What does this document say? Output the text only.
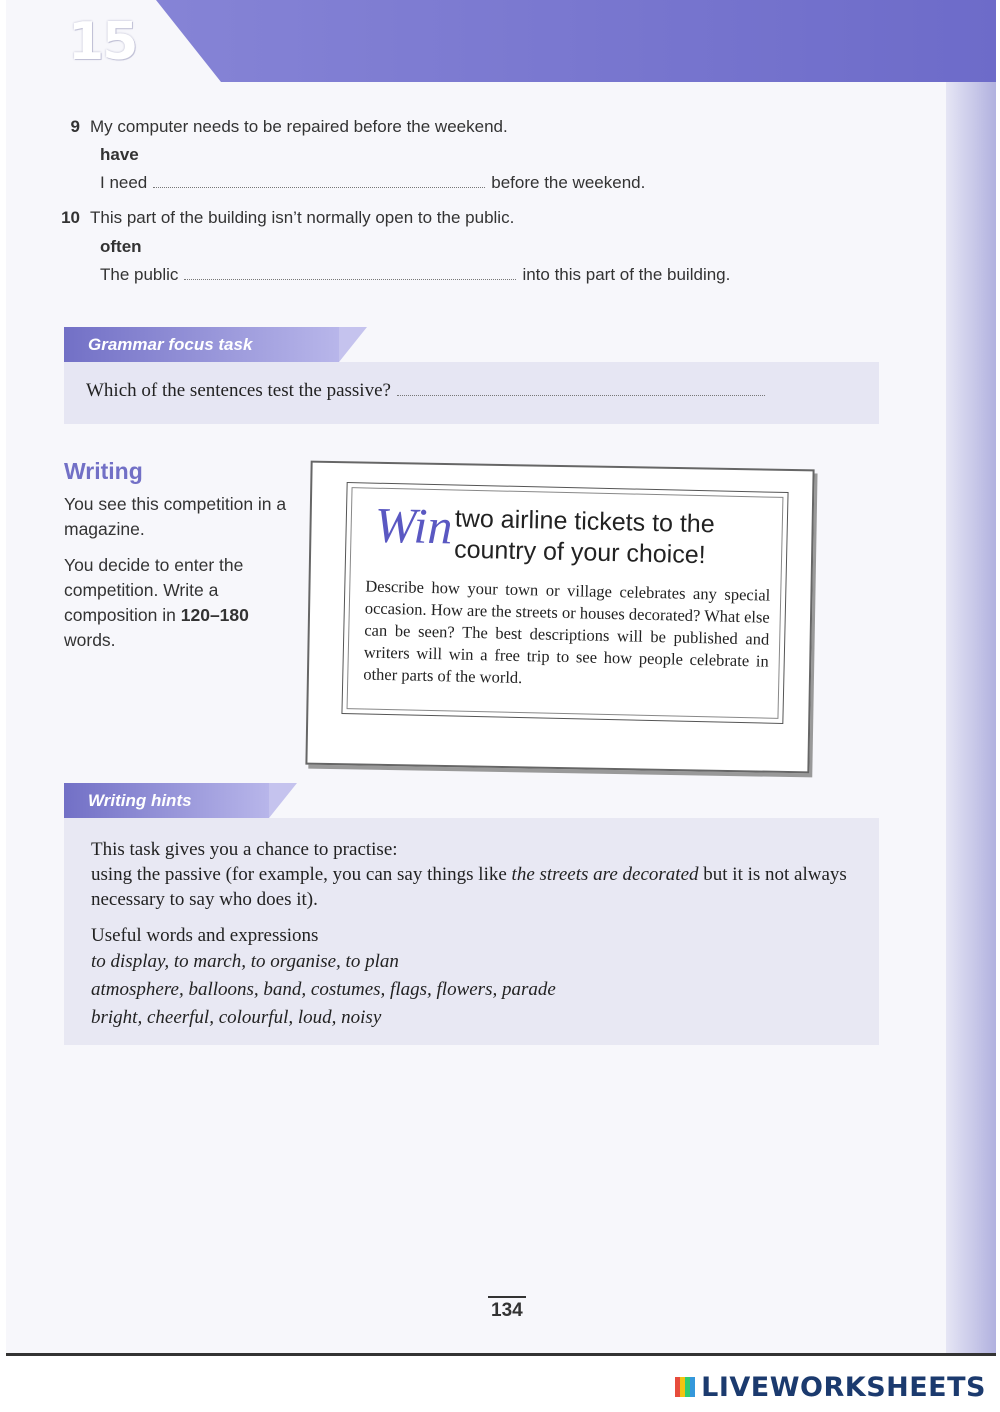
15
9 My computer needs to be repaired before the weekend.
have
I need	before the weekend.
10 This part of the building isn’t normally open to the public.
often
The public	into this part of the building.
Grammar focus task
Which of the sentences test the passive?
Writing
You see this competition in a magazine.
You decide to enter the competition. Write a composition in 120–180 words.
Win two airline tickets to the
country of your choice!
Describe how your town or village celebrates any special occasion. How are the streets or houses decorated? What else can be seen? The best descriptions will be published and writers will win a free trip to see how people celebrate in other parts of the world.
Writing hints
This task gives you a chance to practise:
using the passive (for example, you can say things like the streets are decorated but it is not always necessary to say who does it).
Useful words and expressions
to display, to march, to organise, to plan
atmosphere, balloons, band, costumes, flags, flowers, parade
bright, cheerful, colourful, loud, noisy
134
LIVEWORKSHEETS
